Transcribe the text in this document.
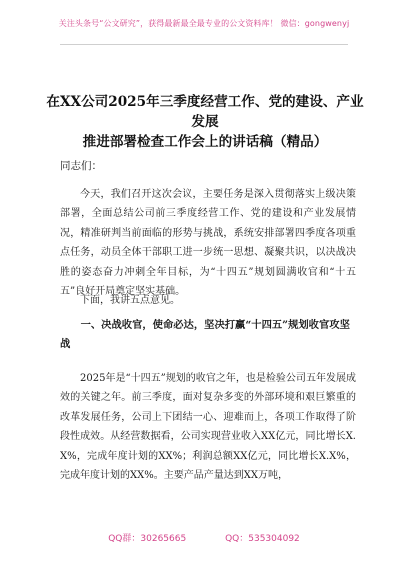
关注头条号“公文研究”，获得最新最全最专业的公文资料库！ 微信：gongwenyj
在XX公司2025年三季度经营工作、党的建设、产业发展
推进部署检查工作会上的讲话稿（精品）
同志们：

今天，我们召开这次会议，主要任务是深入贯彻落实上级决策部署，全面总结公司前三季度经营工作、党的建设和产业发展情况，精准研判当前面临的形势与挑战，系统安排部署四季度各项重点任务，动员全体干部职工进一步统一思想、凝聚共识，以决战决胜的姿态奋力冲刺全年目标，为“十四五”规划圆满收官和“十五五”良好开局奠定坚实基础。

下面，我讲五点意见。

一、决战收官，使命必达，坚决打赢“十四五”规划收官攻坚战

2025年是“十四五”规划的收官之年，也是检验公司五年发展成效的关键之年。前三季度，面对复杂多变的外部环境和艰巨繁重的改革发展任务，公司上下团结一心、迎难而上，各项工作取得了阶段性成效。从经营数据看，公司实现营业收入XX亿元，同比增长X.X%，完成年度计划的XX%；利润总额XX亿元，同比增长X.X%，完成年度计划的XX%。主要产品产量达到XX万吨，

QQ群：30265665	QQ：535304092
